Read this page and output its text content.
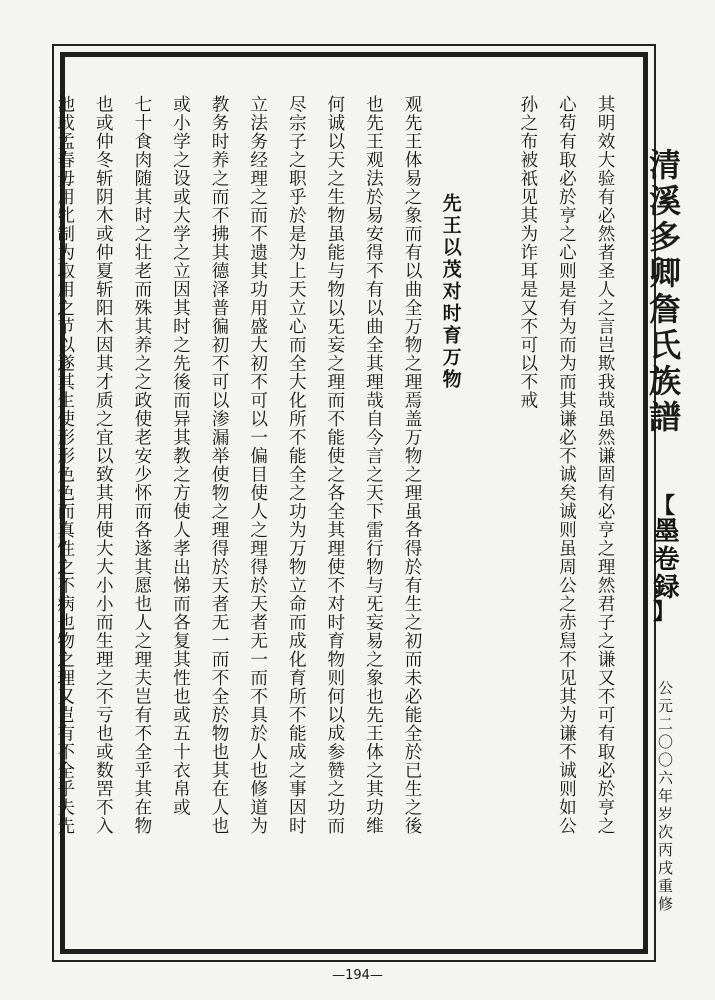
其明效大验有必然者圣人之言岂欺我哉虽然谦固有必亨之理然君子之谦又不可有取必於亨之
心苟有取必於亨之心则是有为而为而其谦必不诚矣诚则虽周公之赤舃不见其为谦不诚则如公
孙之布被祇见其为诈耳是又不可以不戒

先王以茂对时育万物
观先王体易之象而有以曲全万物之理焉盖万物之理虽各得於有生之初而未必能全於已生之後
也先王观法於易安得不有以曲全其理哉自今言之天下雷行物与旡妄易之象也先王体之其功维
何诚以天之生物虽能与物以旡妄之理而不能使之各全其理使不对时育物则何以成参赞之功而
尽宗子之职乎於是为上天立心而全大化所不能全之功为万物立命而成化育所不能成之事因时
立法务经理之而不遗其功用盛大初不可以一偏目使人之理得於天者无一而不具於人也修道为
教务时养之而不拂其德泽普徧初不可以渗漏举使物之理得於天者无一而不全於物也其在人也
或小学之设或大学之立因其时之先後而异其教之方使人孝出悌而各复其性也或五十衣帛或
七十食肉随其时之壮老而殊其养之之政使老安少怀而各遂其愿也人之理夫岂有不全乎其在物
也或仲冬斩阴木或仲夏斩阳木因其才质之宜以致其用使大大小小而生理之不亏也或数罟不入
池或孟春毋用牝制为取用之节以遂其生使形形色色而真性之不病也物之理又岂有不全乎夫先	清溪多卿詹氏族譜
【
墨卷録
】
公元二〇〇六年岁次丙戌重修
—194—
